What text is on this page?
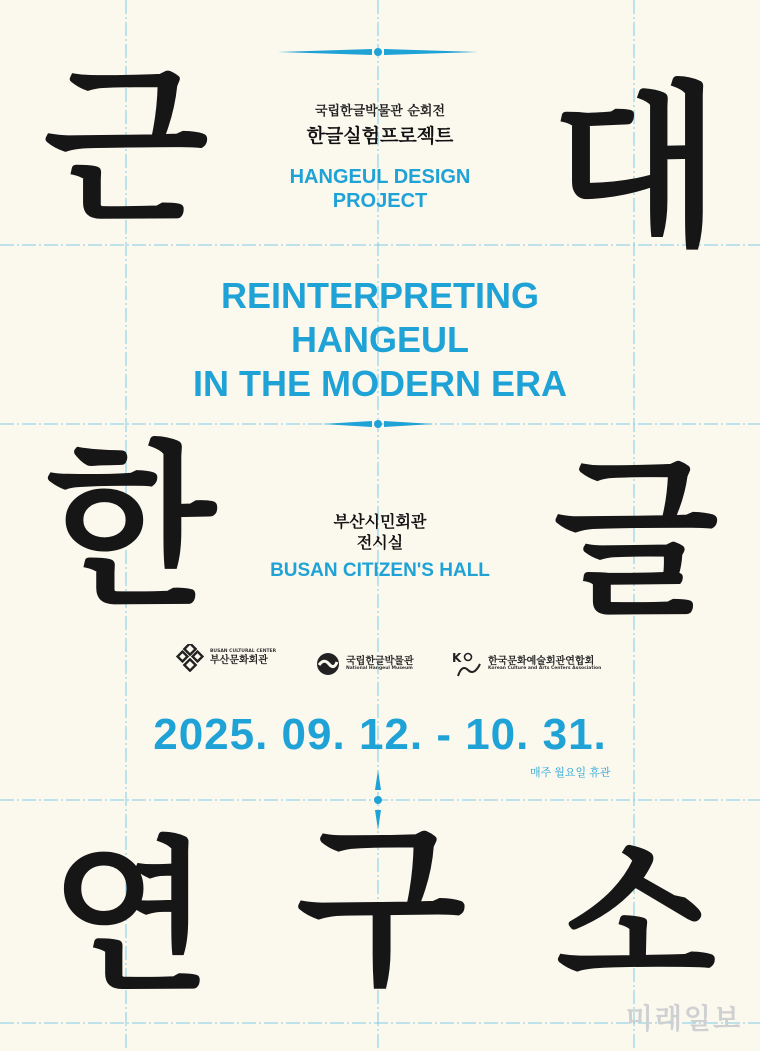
근 대
한 글
연 구 소
국립한글박물관 순회전
한글실험프로젝트
HANGEUL DESIGN
PROJECT
REINTERPRETING
HANGEUL
IN THE MODERN ERA
부산시민회관
전시실
BUSAN CITIZEN'S HALL
BUSAN CULTURAL CENTER
부산문화회관	국립한글박물관
National Hangeul Museum
K	한국문화예술회관연합회
Korean Culture and Arts Centers Association
2025. 09. 12. - 10. 31.
매주 월요일 휴관
미래일보
